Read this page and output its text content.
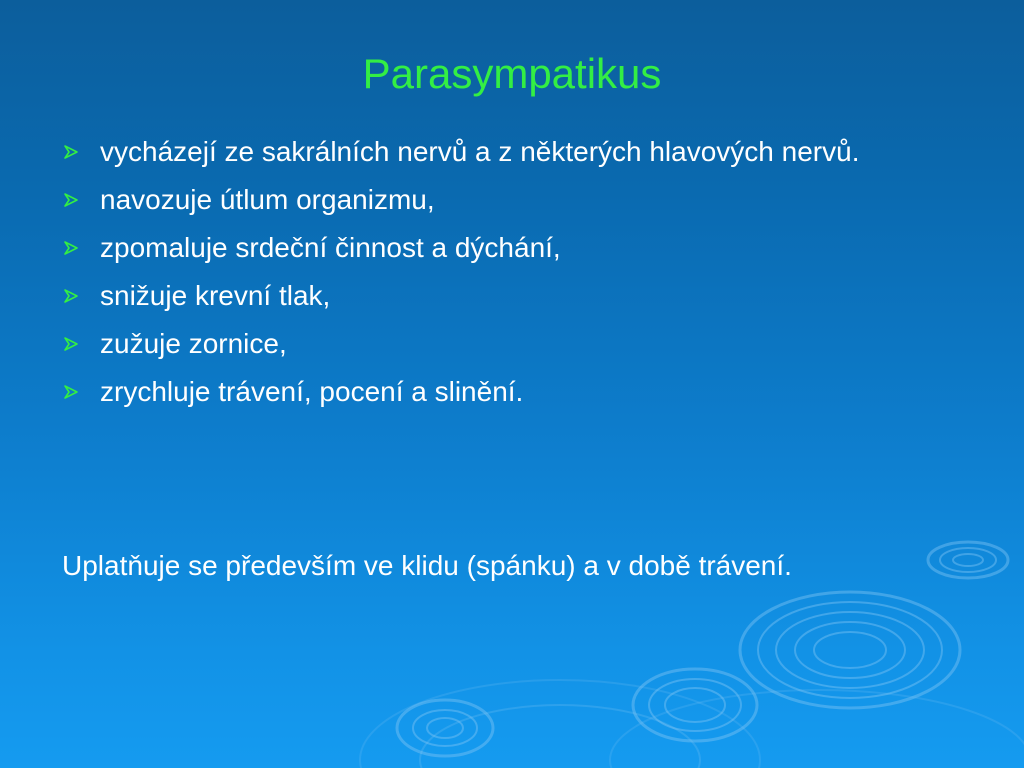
Parasympatikus
vycházejí ze sakrálních nervů a z některých hlavových nervů.
navozuje útlum organizmu,
zpomaluje srdeční činnost a dýchání,
snižuje krevní tlak,
zužuje zornice,
zrychluje trávení, pocení a slinění.

Uplatňuje se především ve klidu (spánku) a v době trávení.
